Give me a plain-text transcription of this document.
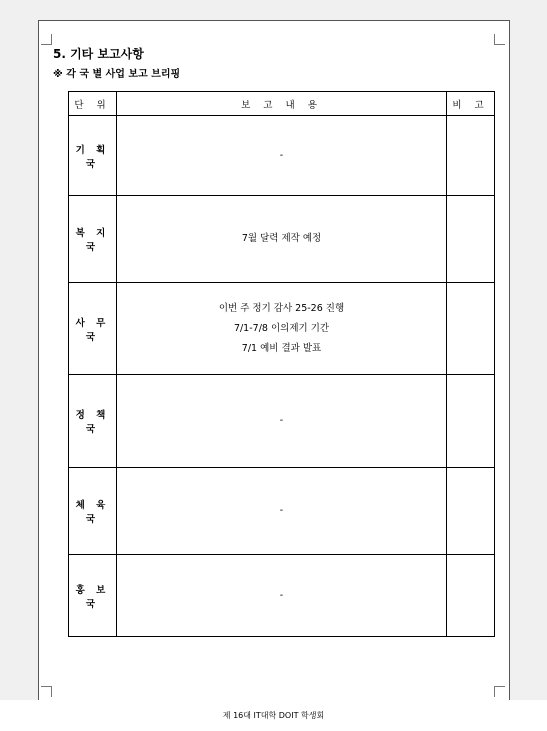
5. 기타 보고사항
※ 각 국 별 사업 보고 브리핑
단 위	보 고 내 용	비 고
기 획 국	-	

복 지 국	7월 달력 제작 예정	

사 무 국	이번 주 정기 감사 25-26 진행
7/1-7/8 이의제기 기간
7/1 예비 결과 발표	

정 책 국	-	

체 육 국	-	

홍 보 국	-	

제 16대 IT대학 DOIT 학생회
